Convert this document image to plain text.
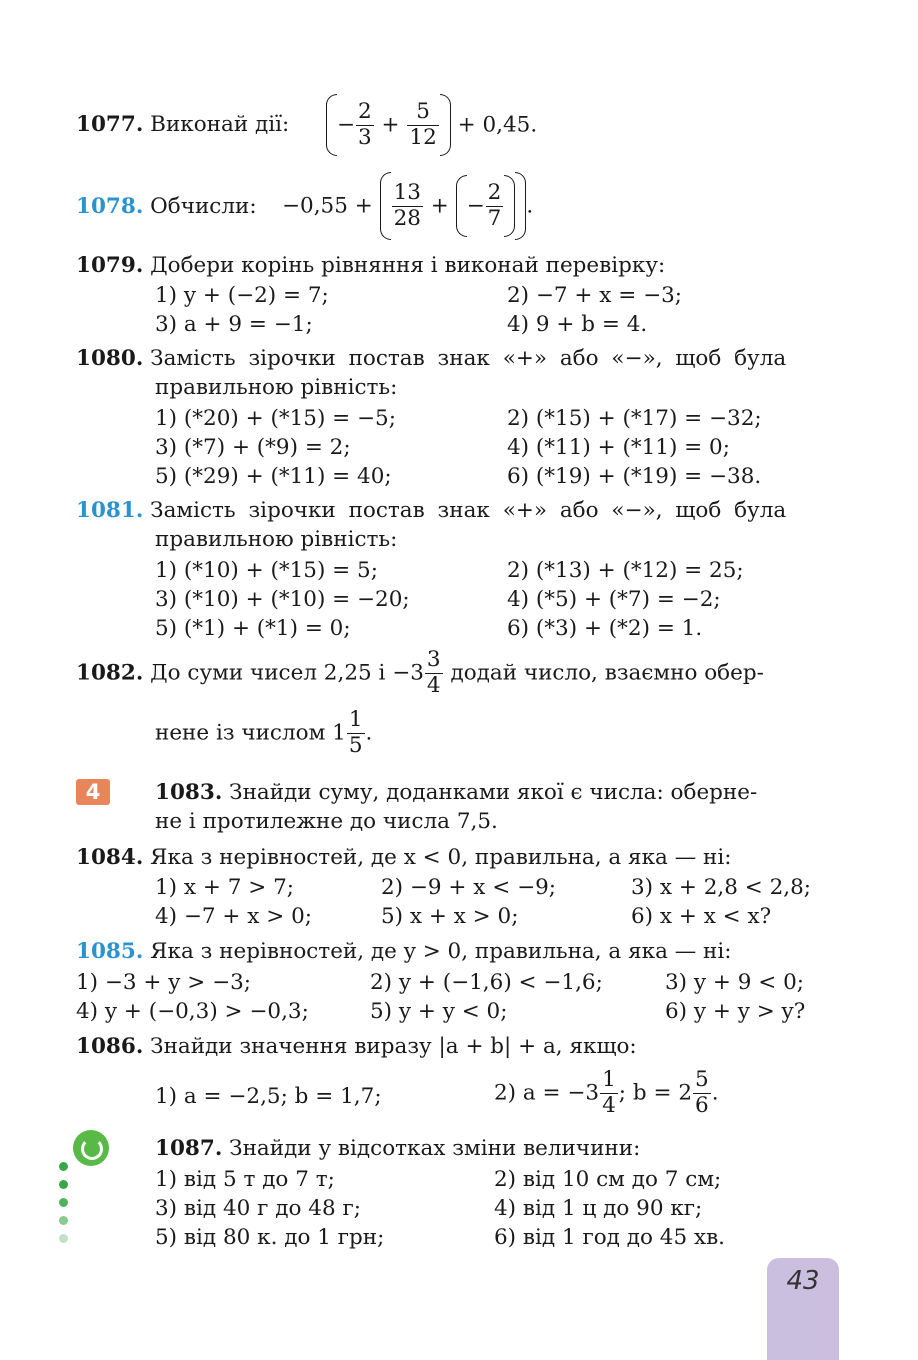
1077. Виконай дії:	− $\frac{2}{3} + \frac{5}{12} + 0,45$.
1078. Обчисли: $-0,55 + \frac{13}{28}$ + − $\frac{2}{7}$ .
1079. Добери корінь рівняння і виконай перевірку:
1) y + (−2) = 7;	2) −7 + x = −3;
3) a + 9 = −1;	4) 9 + b = 4.
1080. Замість зірочки постав знак «+» або «−», щоб була
правильною рівність:
1) (*20) + (*15) = −5;	2) (*15) + (*17) = −32;
3) (*7) + (*9) = 2;	4) (*11) + (*11) = 0;
5) (*29) + (*11) = 40;	6) (*19) + (*19) = −38.
1081. Замість зірочки постав знак «+» або «−», щоб була
правильною рівність:
1) (*10) + (*15) = 5;	2) (*13) + (*12) = 25;
3) (*10) + (*10) = −20;	4) (*5) + (*7) = −2;
5) (*1) + (*1) = 0;	6) (*3) + (*2) = 1.
1082. До суми чисел 2,25 $і -3 \frac{3}{4}$ додай число, взаємно обер-
нене із числом $1 \frac{1}{5}$ .
4	1083. Знайди суму, доданками якої є числа: оберне-
не і протилежне до числа 7,5.
1084. Яка з нерівностей, де x < 0, правильна, а яка — ні:
1) x + 7 > 7;	2) −9 + x < −9;	3) x + 2,8 < 2,8;
4) −7 + x > 0;	5) x + x > 0;	6) x + x < x?
1085. Яка з нерівностей, де y > 0, правильна, а яка — ні:
1) −3 + y > −3;	2) y + (−1,6) < −1,6;	3) y + 9 < 0;
4) y + (−0,3) > −0,3;	5) y + y < 0;	6) y + y > y?
1086. Знайди значення виразу |a + b| + a, якщо:
1) a = −2,5; b = 1,7;	2) $a = -3 \frac{1}{4}$ ; $b = 2 \frac{5}{6}$ .
1087. Знайди у відсотках зміни величини:
1) від 5 т до 7 т;	2) від 10 см до 7 см;
3) від 40 г до 48 г;	4) від 1 ц до 90 кг;
5) від 80 к. до 1 грн;	6) від 1 год до 45 хв.
43
